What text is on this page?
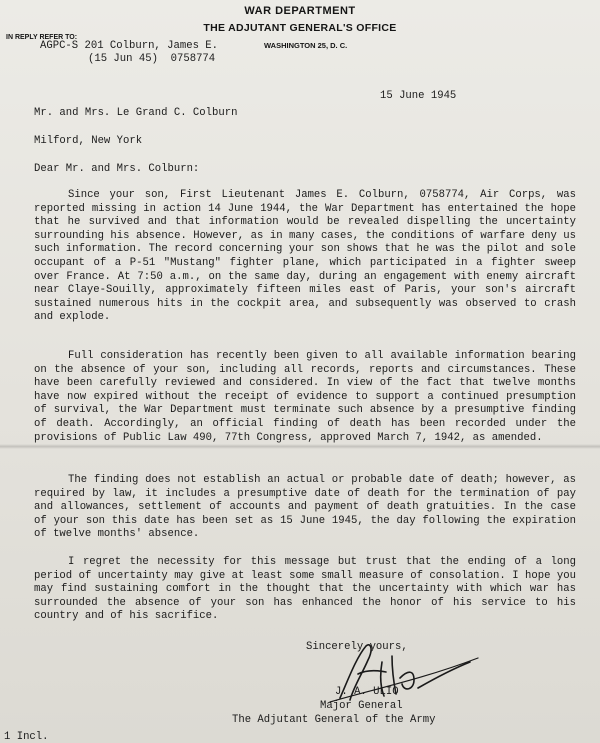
WAR DEPARTMENT
THE ADJUTANT GENERAL'S OFFICE
IN REPLY REFER TO:
WASHINGTON 25, D. C.
AGPC-S 201 Colburn, James E.
(15 Jun 45)  0758774
15 June 1945
Mr. and Mrs. Le Grand C. Colburn
Milford, New York
Dear Mr. and Mrs. Colburn:
Since your son, First Lieutenant James E. Colburn, 0758774, Air Corps, was reported missing in action 14 June 1944, the War Department has entertained the hope that he survived and that information would be revealed dispelling the uncertainty surrounding his absence. However, as in many cases, the conditions of warfare deny us such information. The record concerning your son shows that he was the pilot and sole occupant of a P-51 "Mustang" fighter plane, which participated in a fighter sweep over France. At 7:50 a.m., on the same day, during an engagement with enemy aircraft near Claye-Souilly, approximately fifteen miles east of Paris, your son's aircraft sustained numerous hits in the cockpit area, and subsequently was observed to crash and explode.
Full consideration has recently been given to all available information bearing on the absence of your son, including all records, reports and circumstances. These have been carefully reviewed and considered. In view of the fact that twelve months have now expired without the receipt of evidence to support a continued presumption of survival, the War Department must terminate such absence by a presumptive finding of death. Accordingly, an official finding of death has been recorded under the provisions of Public Law 490, 77th Congress, approved March 7, 1942, as amended.
The finding does not establish an actual or probable date of death; however, as required by law, it includes a presumptive date of death for the termination of pay and allowances, settlement of accounts and payment of death gratuities. In the case of your son this date has been set as 15 June 1945, the day following the expiration of twelve months' absence.
I regret the necessity for this message but trust that the ending of a long period of uncertainty may give at least some small measure of consolation. I hope you may find sustaining comfort in the thought that the uncertainty with which war has surrounded the absence of your son has enhanced the honor of his service to his country and of his sacrifice.
Sincerely yours,
J. A. ULIO
Major General
The Adjutant General of the Army
1 Incl.
